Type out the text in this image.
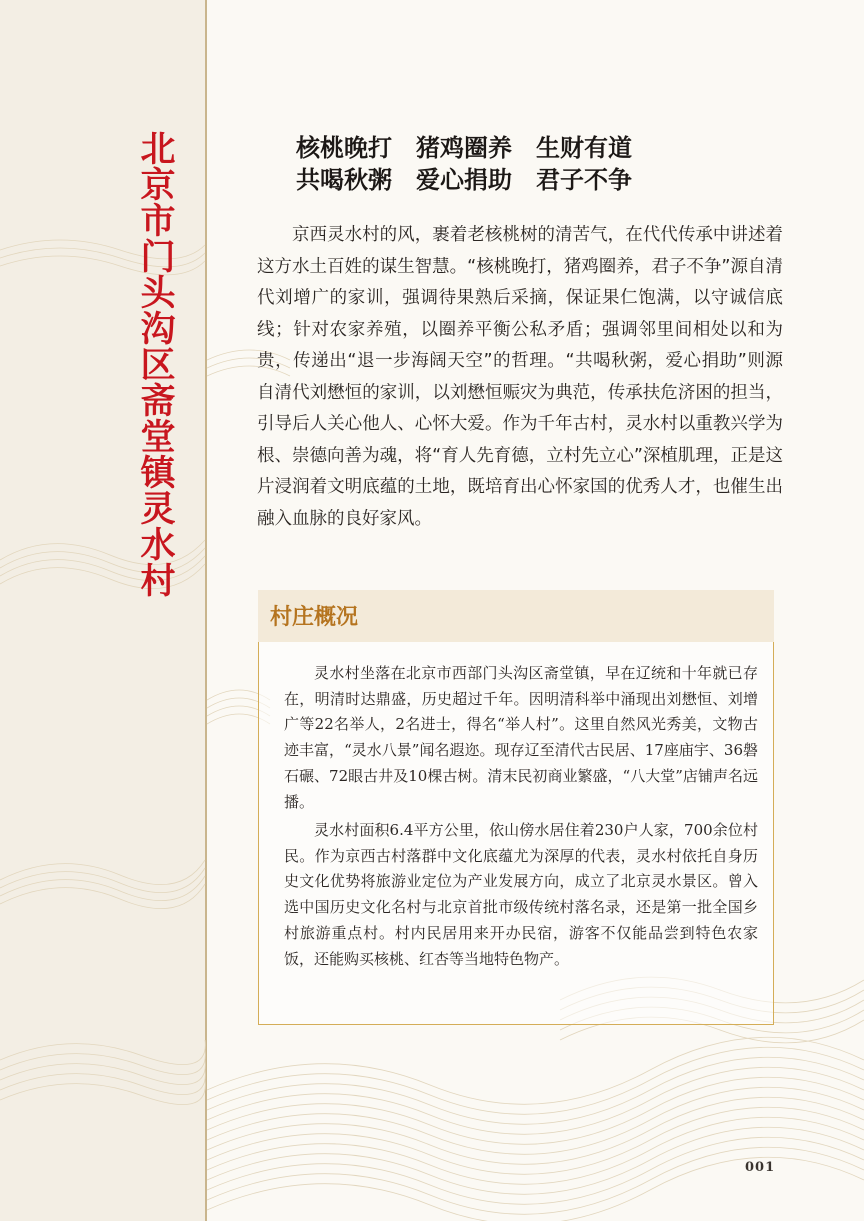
北京市门头沟区斋堂镇灵水村	核桃晚打 猪鸡圈养 生财有道
共喝秋粥 爱心捐助 君子不争
京西灵水村的风，裹着老核桃树的清苦气，在代代传承中讲述着这方水土百姓的谋生智慧。“核桃晚打，猪鸡圈养，君子不争”源自清代刘增广的家训，强调待果熟后采摘，保证果仁饱满，以守诚信底线；针对农家养殖，以圈养平衡公私矛盾；强调邻里间相处以和为贵，传递出“退一步海阔天空”的哲理。“共喝秋粥，爱心捐助”则源自清代刘懋恒的家训，以刘懋恒赈灾为典范，传承扶危济困的担当，引导后人关心他人、心怀大爱。作为千年古村，灵水村以重教兴学为根、崇德向善为魂，将“育人先育德，立村先立心”深植肌理，正是这片浸润着文明底蕴的土地，既培育出心怀家国的优秀人才，也催生出融入血脉的良好家风。
村庄概况

灵水村坐落在北京市西部门头沟区斋堂镇，早在辽统和十年就已存在，明清时达鼎盛，历史超过千年。因明清科举中涌现出刘懋恒、刘增广等22名举人，2名进士，得名“举人村”。这里自然风光秀美，文物古迹丰富，“灵水八景”闻名遐迩。现存辽至清代古民居、17座庙宇、36磐石碾、72眼古井及10棵古树。清末民初商业繁盛，“八大堂”店铺声名远播。

灵水村面积6.4平方公里，依山傍水居住着230户人家，700余位村民。作为京西古村落群中文化底蕴尤为深厚的代表，灵水村依托自身历史文化优势将旅游业定位为产业发展方向，成立了北京灵水景区。曾入选中国历史文化名村与北京首批市级传统村落名录，还是第一批全国乡村旅游重点村。村内民居用来开办民宿，游客不仅能品尝到特色农家饭，还能购买核桃、红杏等当地特色物产。

001
